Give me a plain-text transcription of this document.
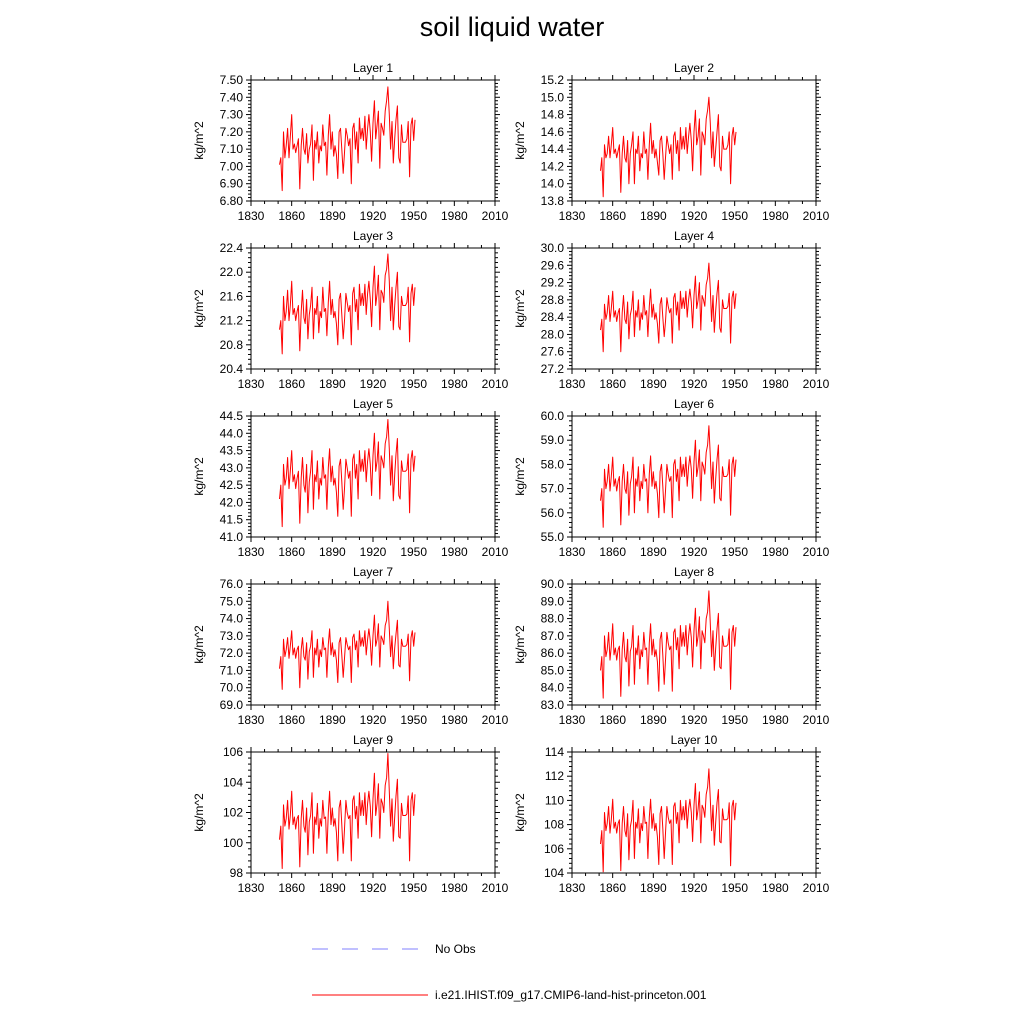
soil liquid water
Layer 1
kg/m^2
6.80
6.90
7.00
7.10
7.20
7.30
7.40
7.50
1830 1860 1890 1920 1950 1980 2010
Layer 2
kg/m^2
13.8
14.0
14.2
14.4
14.6
14.8
15.0
15.2
1830 1860 1890 1920 1950 1980 2010
Layer 3
kg/m^2
20.4
20.8
21.2
21.6
22.0
22.4
1830 1860 1890 1920 1950 1980 2010
Layer 4
kg/m^2
27.2
27.6
28.0
28.4
28.8
29.2
29.6
30.0
1830 1860 1890 1920 1950 1980 2010
Layer 5
kg/m^2
41.0
41.5
42.0
42.5
43.0
43.5
44.0
44.5
1830 1860 1890 1920 1950 1980 2010
Layer 6
kg/m^2
55.0
56.0
57.0
58.0
59.0
60.0
1830 1860 1890 1920 1950 1980 2010
Layer 7
kg/m^2
69.0
70.0
71.0
72.0
73.0
74.0
75.0
76.0
1830 1860 1890 1920 1950 1980 2010
Layer 8
kg/m^2
83.0
84.0
85.0
86.0
87.0
88.0
89.0
90.0
1830 1860 1890 1920 1950 1980 2010
Layer 9
kg/m^2
98
100
102
104
106
1830 1860 1890 1920 1950 1980 2010
Layer 10
kg/m^2
104
106
108
110
112
114
1830 1860 1890 1920 1950 1980 2010
No Obs
i.e21.IHIST.f09_g17.CMIP6-land-hist-princeton.001
